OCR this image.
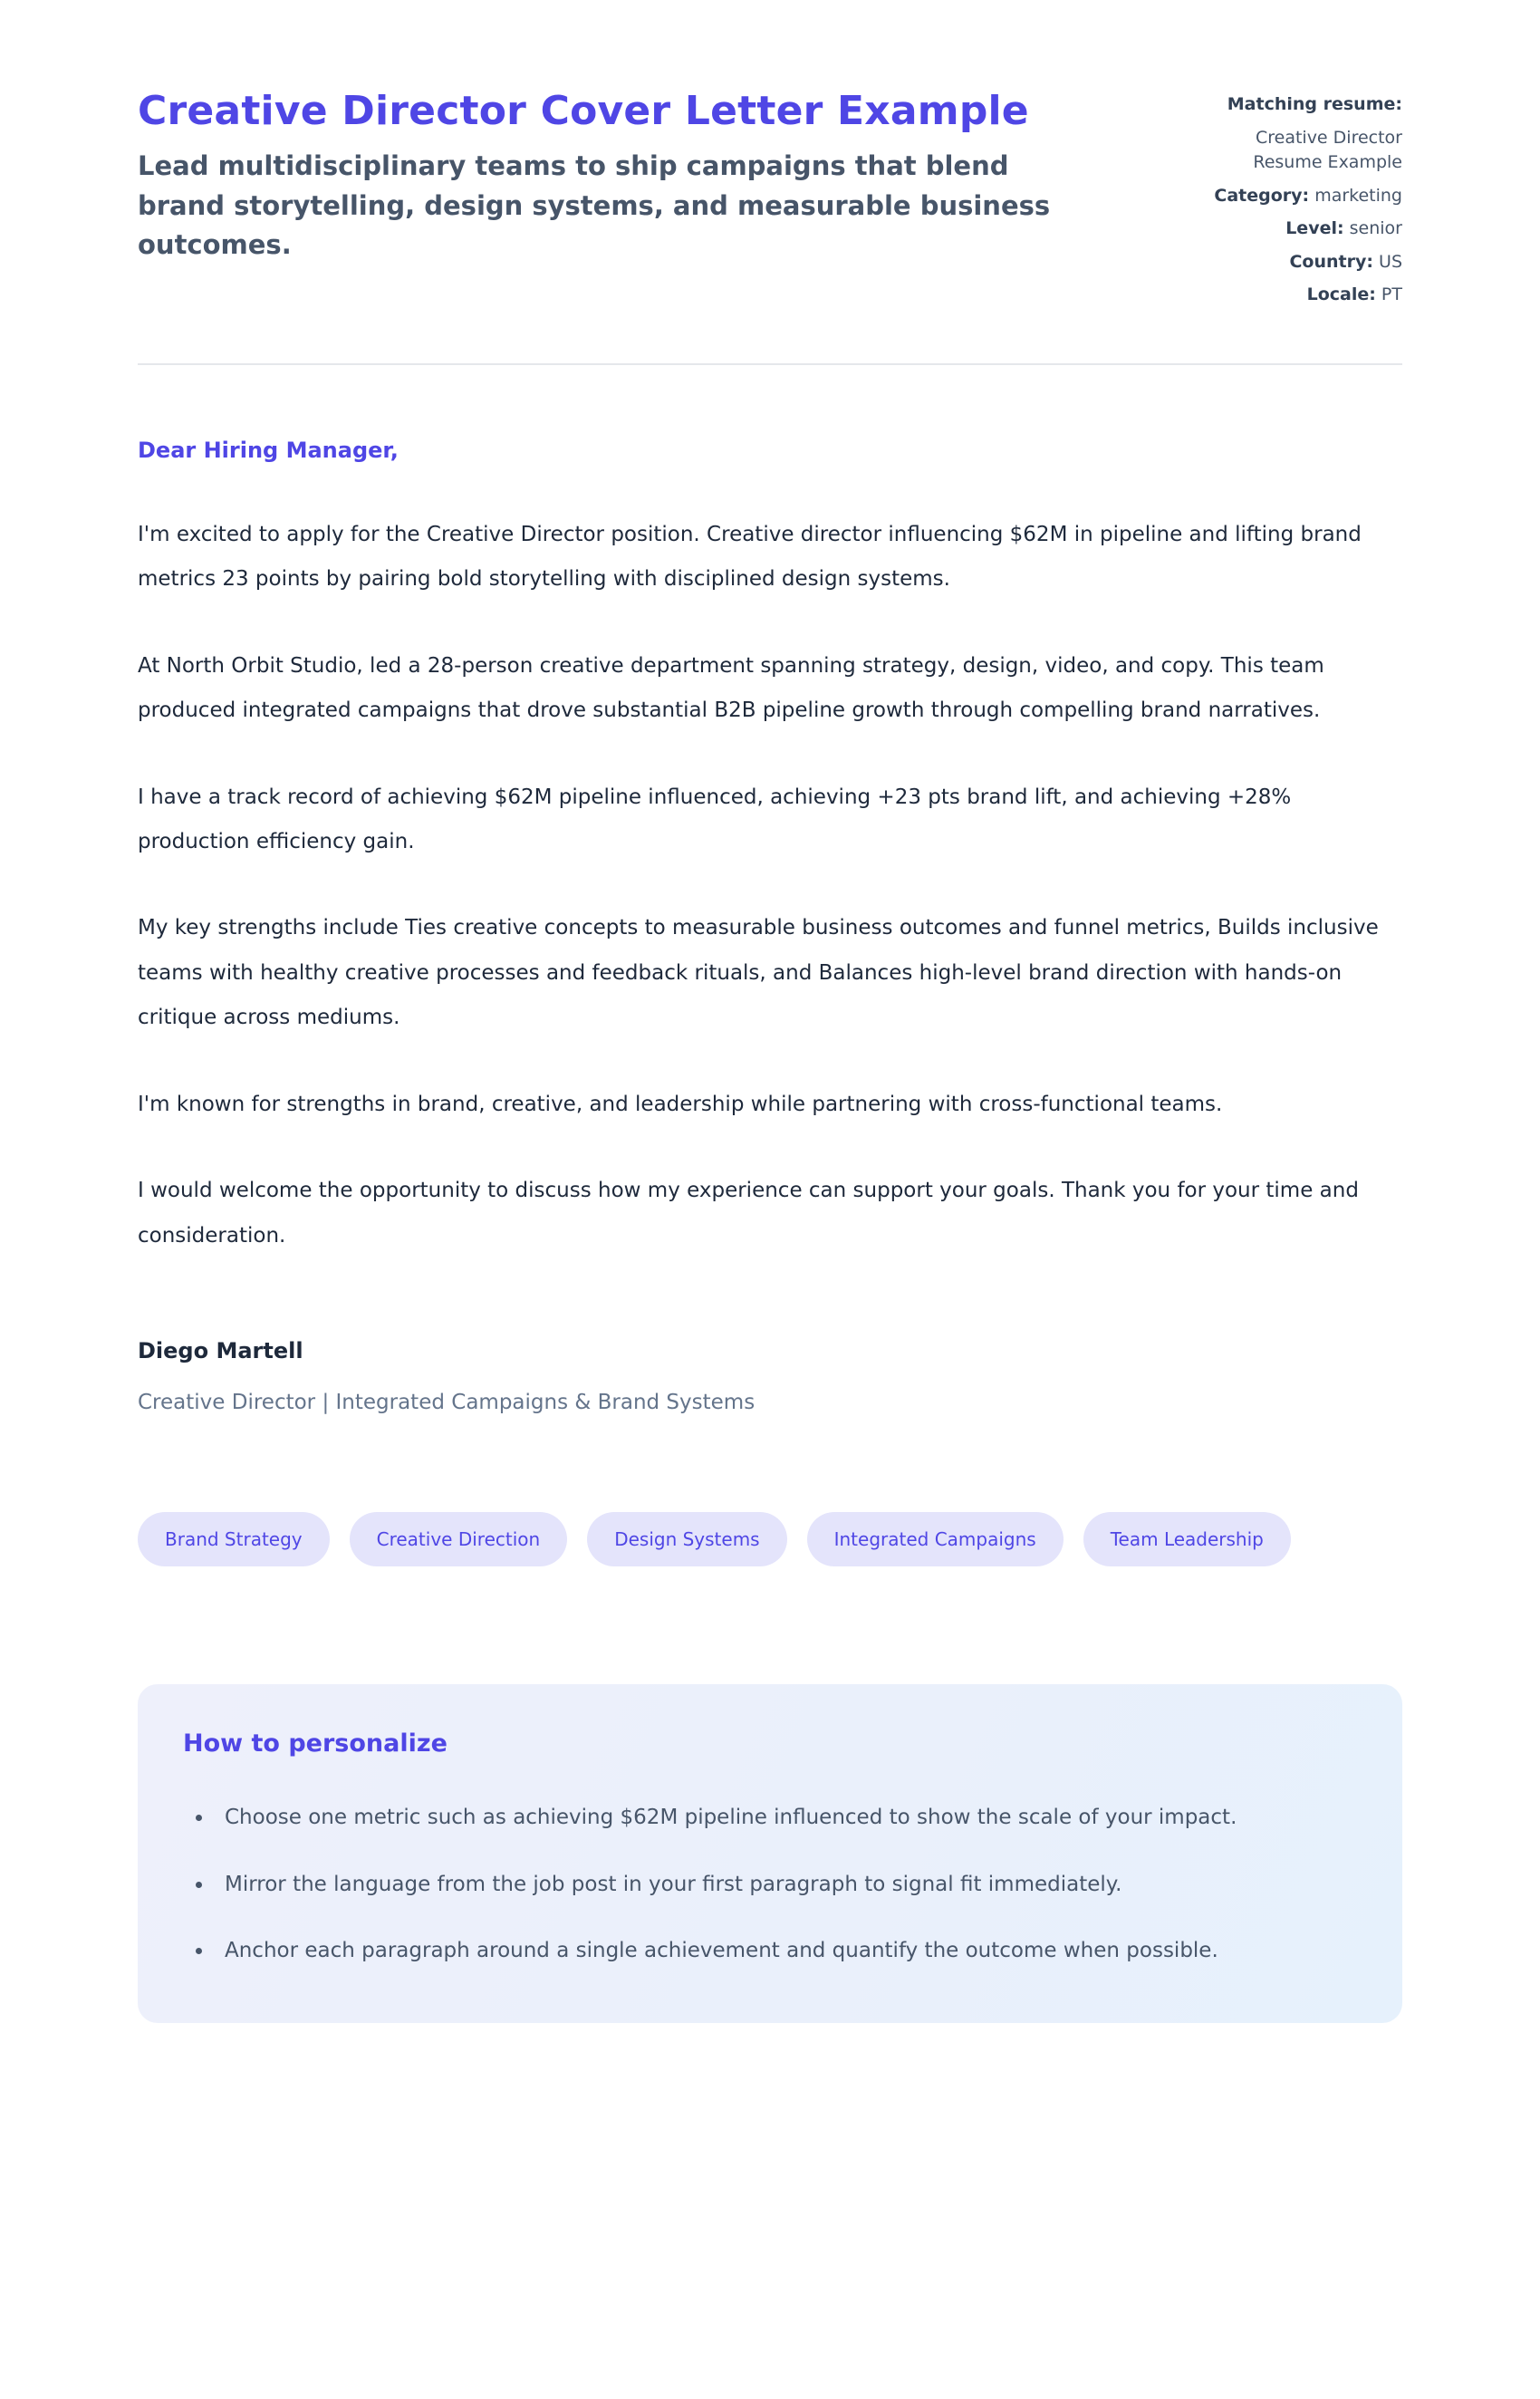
Creative Director Cover Letter Example
Lead multidisciplinary teams to ship campaigns that blend brand storytelling, design systems, and measurable business outcomes.
Matching resume:
Creative Director Resume Example
Category: marketing
Level: senior
Country: US
Locale: PT
Dear Hiring Manager,

I'm excited to apply for the Creative Director position. Creative director influencing $62M in pipeline and lifting brand metrics 23 points by pairing bold storytelling with disciplined design systems.

At North Orbit Studio, led a 28-person creative department spanning strategy, design, video, and copy. This team produced integrated campaigns that drove substantial B2B pipeline growth through compelling brand narratives.

I have a track record of achieving $62M pipeline influenced, achieving +23 pts brand lift, and achieving +28% production efficiency gain.

My key strengths include Ties creative concepts to measurable business outcomes and funnel metrics, Builds inclusive teams with healthy creative processes and feedback rituals, and Balances high-level brand direction with hands-on critique across mediums.

I'm known for strengths in brand, creative, and leadership while partnering with cross-functional teams.

I would welcome the opportunity to discuss how my experience can support your goals. Thank you for your time and consideration.

Diego Martell
Creative Director | Integrated Campaigns & Brand Systems
Brand Strategy	Creative Direction	Design Systems	Integrated Campaigns	Team Leadership
How to personalize
• Choose one metric such as achieving $62M pipeline influenced to show the scale of your impact.
• Mirror the language from the job post in your first paragraph to signal fit immediately.
• Anchor each paragraph around a single achievement and quantify the outcome when possible.
